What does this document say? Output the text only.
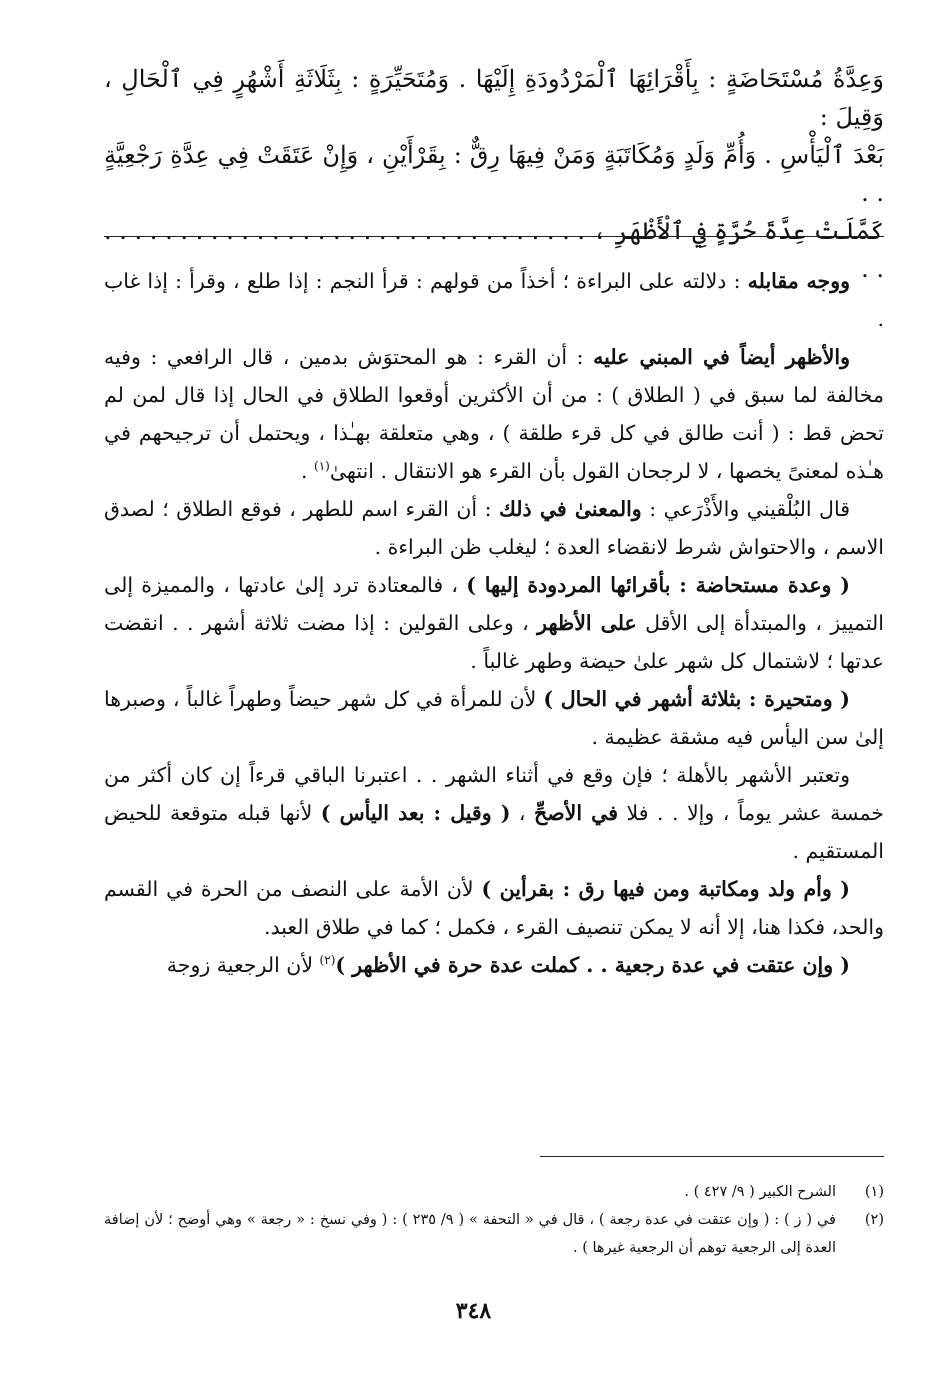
وَعِدَّةُ مُسْتَحَاضَةٍ : بِأَقْرَائِهَا ٱلْمَرْدُودَةِ إِلَيْهَا . وَمُتَحَيِّرَةٍ : بِثَلَاثَةِ أَشْهُرٍ فِي ٱلْحَالِ ، وَقِيلَ :

بَعْدَ ٱلْيَأْسِ . وَأُمِّ وَلَدٍ وَمُكَاتَبَةٍ وَمَنْ فِيهَا رِقٌّ : بِقَرْأَيْنِ ، وَإِنْ عَتَقَتْ فِي عِدَّةِ رَجْعِيَّةٍ . .

كَمَّلَتْ عِدَّةَ حُرَّةٍ فِي ٱلْأَظْهَرِ ، . . . . . . . . . . . . . . . . . . . . . . . . . . . . . . . . . .

ووجه مقابله : دلالته على البراءة ؛ أخذاً من قولهم : قرأ النجم : إذا طلع ، وقرأ : إذا غاب .

والأظهر أيضاً في المبني عليه : أن القرء : هو المحتوَش بدمين ، قال الرافعي : وفيه مخالفة لما سبق في ( الطلاق ) : من أن الأكثرين أوقعوا الطلاق في الحال إذا قال لمن لم تحض قط : ( أنت طالق في كل قرء طلقة ) ، وهي متعلقة بهـٰذا ، ويحتمل أن ترجيحهم في هـٰذه لمعنىً يخصها ، لا لرجحان القول بأن القرء هو الانتقال . انتهىٰ$^{(١)}$ .

قال البُلْقيني والأَذْرَعي : والمعنىٰ في ذلك : أن القرء اسم للطهر ، فوقع الطلاق ؛ لصدق الاسم ، والاحتواش شرط لانقضاء العدة ؛ ليغلب ظن البراءة .

( وعدة مستحاضة : بأقرائها المردودة إليها ) ، فالمعتادة ترد إلىٰ عادتها ، والمميزة إلى التمييز ، والمبتدأة إلى الأقل على الأظهر ، وعلى القولين : إذا مضت ثلاثة أشهر . . انقضت عدتها ؛ لاشتمال كل شهر علىٰ حيضة وطهر غالباً .

( ومتحيرة : بثلاثة أشهر في الحال ) لأن للمرأة في كل شهر حيضاً وطهراً غالباً ، وصبرها إلىٰ سن اليأس فيه مشقة عظيمة .

وتعتبر الأشهر بالأهلة ؛ فإن وقع في أثناء الشهر . . اعتبرنا الباقي قرءاً إن كان أكثر من خمسة عشر يوماً ، وإلا . . فلا في الأصحِّ ، ( وقيل : بعد اليأس ) لأنها قبله متوقعة للحيض المستقيم .

( وأم ولد ومكاتبة ومن فيها رق : بقرأين ) لأن الأمة على النصف من الحرة في القسم والحد، فكذا هنا، إلا أنه لا يمكن تنصيف القرء ، فكمل ؛ كما في طلاق العبد.

( وإن عتقت في عدة رجعية . . كملت عدة حرة في الأظهر )$^{(٢)}$ لأن الرجعية زوجة

(١)
الشرح الكبير ( ٩/ ٤٢٧ ) .
(٢)
في ( ز ) : ( وإن عتقت في عدة رجعة ) ، قال في « التحفة » ( ٩/ ٢٣٥ ) : ( وفي نسخ : « رجعة » وهي أوضح ؛ لأن إضافة العدة إلى الرجعية توهم أن الرجعية غيرها ) .
٣٤٨
